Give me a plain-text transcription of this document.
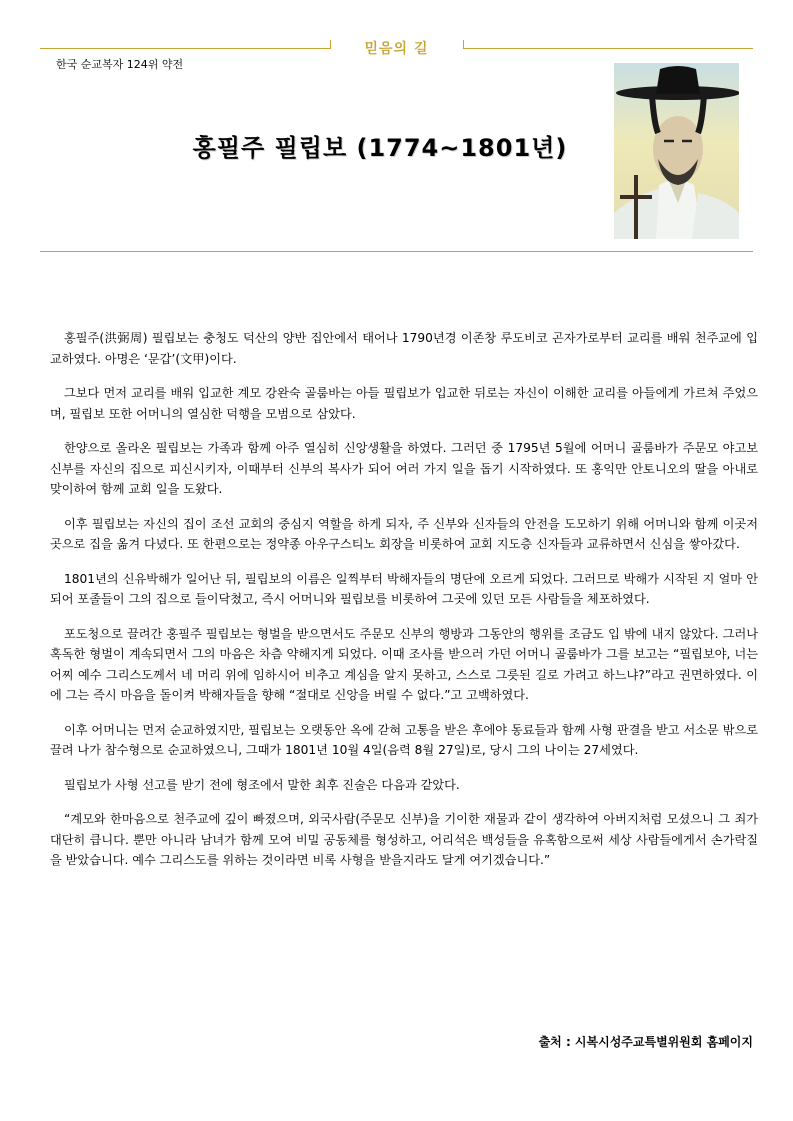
믿음의 길
한국 순교복자 124위 약전
홍필주 필립보 (1774~1801년)

홍필주(洪弼周) 필립보는 충청도 덕산의 양반 집안에서 태어나 1790년경 이존창 루도비코 곤자가로부터 교리를 배워 천주교에 입교하였다. 아명은 ‘문갑’(文甲)이다.

그보다 먼저 교리를 배워 입교한 계모 강완숙 골룸바는 아들 필립보가 입교한 뒤로는 자신이 이해한 교리를 아들에게 가르쳐 주었으며, 필립보 또한 어머니의 열심한 덕행을 모범으로 삼았다.

한양으로 올라온 필립보는 가족과 함께 아주 열심히 신앙생활을 하였다. 그러던 중 1795년 5월에 어머니 골룸바가 주문모 야고보 신부를 자신의 집으로 피신시키자, 이때부터 신부의 복사가 되어 여러 가지 일을 돕기 시작하였다. 또 홍익만 안토니오의 딸을 아내로 맞이하여 함께 교회 일을 도왔다.

이후 필립보는 자신의 집이 조선 교회의 중심지 역할을 하게 되자, 주 신부와 신자들의 안전을 도모하기 위해 어머니와 함께 이곳저곳으로 집을 옮겨 다녔다. 또 한편으로는 정약종 아우구스티노 회장을 비롯하여 교회 지도층 신자들과 교류하면서 신심을 쌓아갔다.

1801년의 신유박해가 일어난 뒤, 필립보의 이름은 일찍부터 박해자들의 명단에 오르게 되었다. 그러므로 박해가 시작된 지 얼마 안되어 포졸들이 그의 집으로 들이닥쳤고, 즉시 어머니와 필립보를 비롯하여 그곳에 있던 모든 사람들을 체포하였다.

포도청으로 끌려간 홍필주 필립보는 형벌을 받으면서도 주문모 신부의 행방과 그동안의 행위를 조금도 입 밖에 내지 않았다. 그러나 혹독한 형벌이 계속되면서 그의 마음은 차츰 약해지게 되었다. 이때 조사를 받으러 가던 어머니 골룸바가 그를 보고는 “필립보야, 너는 어찌 예수 그리스도께서 네 머리 위에 임하시어 비추고 계심을 알지 못하고, 스스로 그릇된 길로 가려고 하느냐?”라고 권면하였다. 이에 그는 즉시 마음을 돌이켜 박해자들을 향해 “절대로 신앙을 버릴 수 없다.”고 고백하였다.

이후 어머니는 먼저 순교하였지만, 필립보는 오랫동안 옥에 갇혀 고통을 받은 후에야 동료들과 함께 사형 판결을 받고 서소문 밖으로 끌려 나가 참수형으로 순교하였으니, 그때가 1801년 10월 4일(음력 8월 27일)로, 당시 그의 나이는 27세였다.

필립보가 사형 선고를 받기 전에 형조에서 말한 최후 진술은 다음과 같았다.

“계모와 한마음으로 천주교에 깊이 빠졌으며, 외국사람(주문모 신부)을 기이한 재물과 같이 생각하여 아버지처럼 모셨으니 그 죄가 대단히 큽니다. 뿐만 아니라 남녀가 함께 모여 비밀 공동체를 형성하고, 어리석은 백성들을 유혹함으로써 세상 사람들에게서 손가락질을 받았습니다. 예수 그리스도를 위하는 것이라면 비록 사형을 받을지라도 달게 여기겠습니다.”

출처 : 시복시성주교특별위원회 홈페이지
